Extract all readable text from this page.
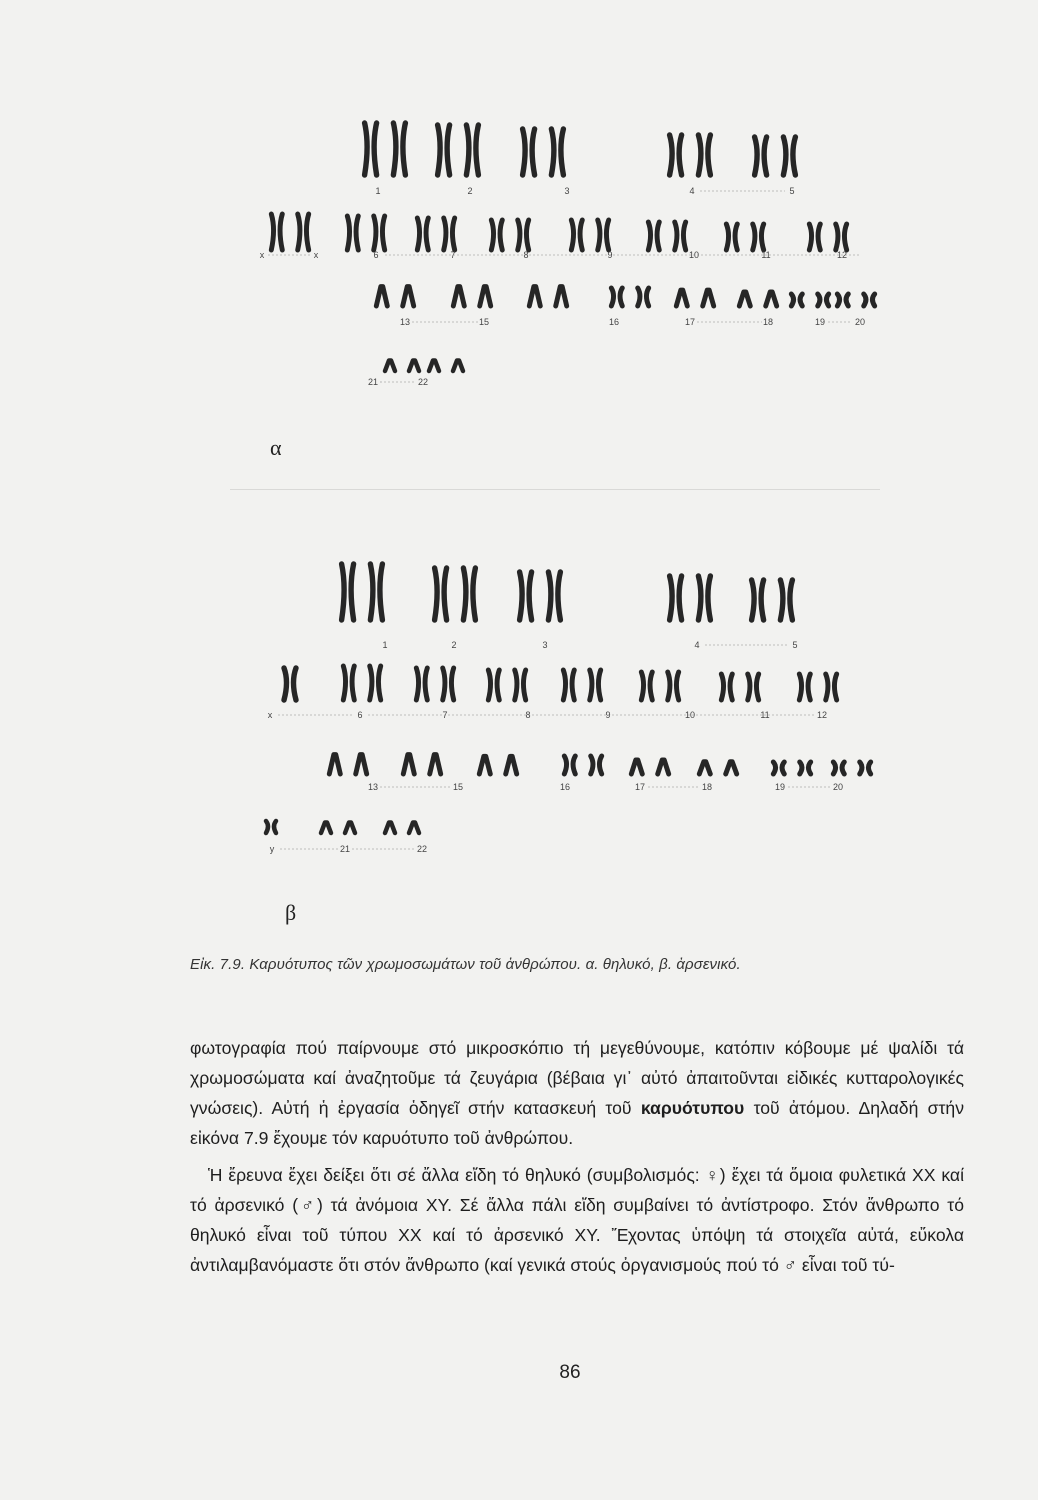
1	2	3	4	5
x	x	6	7	8	9	10	11	12
13	15	16	17	18	19	20
21	22
α
1	2	3	4	5
x	6	7	8	9	10	11	12
13	15	16	17	18	19	20
y	21	22
β
Εἰκ. 7.9. Καρυότυπος τῶν χρωμοσωμάτων τοῦ ἀνθρώπου. α. θηλυκό, β. ἀρσενικό.

φωτογραφία πού παίρνουμε στό μικροσκόπιο τή μεγεθύνουμε, κατόπιν κόβουμε μέ ψαλίδι τά χρωμοσώματα καί ἀναζητοῦμε τά ζευγάρια (βέβαια γι᾽ αὐτό ἀπαιτοῦνται εἰδικές κυτταρολογικές γνώσεις). Αὐτή ἡ ἐργασία ὁδηγεῖ στήν κατασκευή τοῦ καρυότυπου τοῦ ἀτόμου. Δηλαδή στήν εἰκόνα 7.9 ἔχουμε τόν καρυότυπο τοῦ ἀνθρώπου.

Ἡ ἔρευνα ἔχει δείξει ὅτι σέ ἄλλα εἴδη τό θηλυκό (συμβολισμός: ♀) ἔχει τά ὅμοια φυλετικά ΧΧ καί τό ἀρσενικό (♂) τά ἀνόμοια ΧΥ. Σέ ἄλλα πάλι εἴδη συμβαίνει τό ἀντίστροφο. Στόν ἄνθρωπο τό θηλυκό εἶναι τοῦ τύπου ΧΧ καί τό ἀρσενικό ΧΥ. Ἔχοντας ὑπόψη τά στοιχεῖα αὐτά, εὔκολα ἀντιλαμβανόμαστε ὅτι στόν ἄνθρωπο (καί γενικά στούς ὀργανισμούς πού τό ♂ εἶναι τοῦ τύ-

86
